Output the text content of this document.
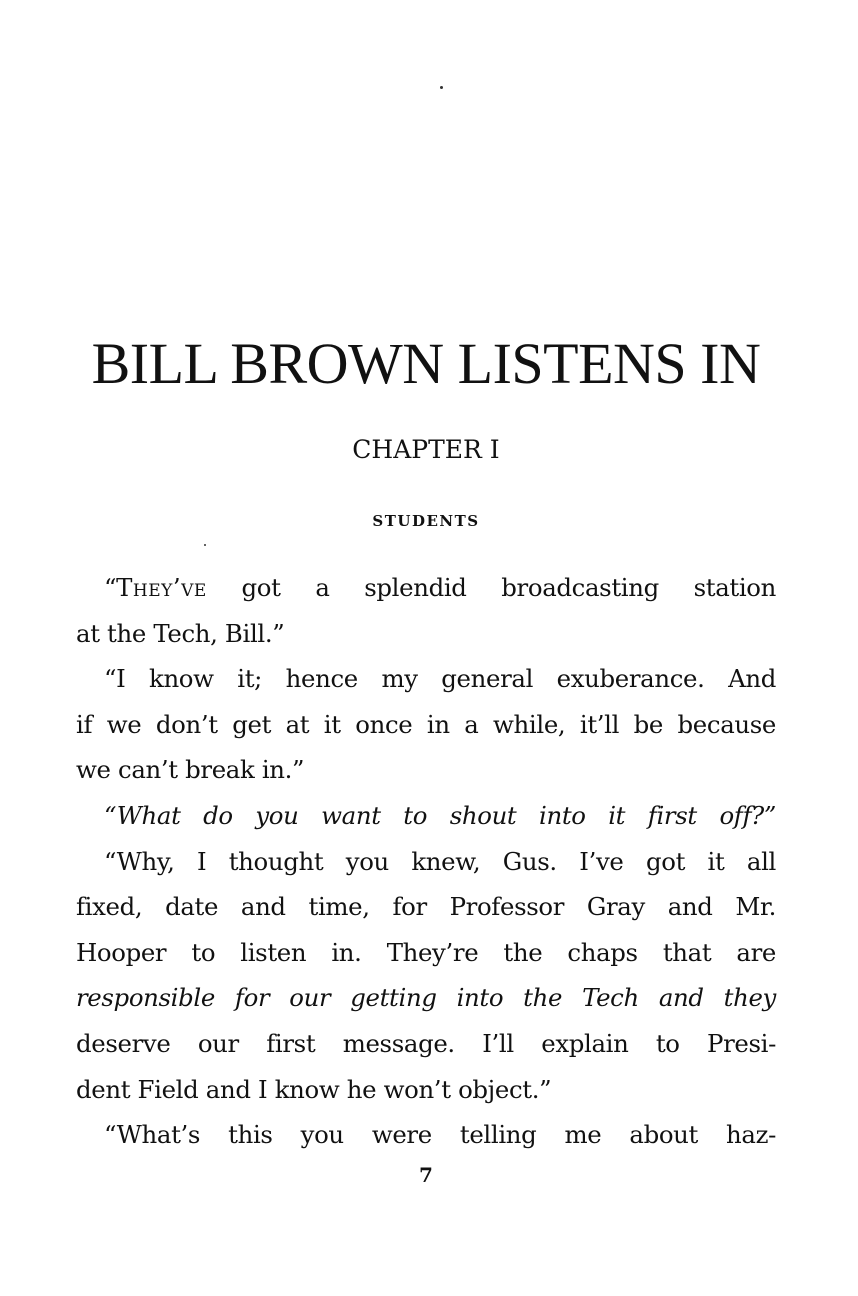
BILL BROWN LISTENS IN
CHAPTER I
STUDENTS
“They’ve got a splendid broadcasting station
at the Tech, Bill.”
“I know it; hence my general exuberance. And
if we don’t get at it once in a while, it’ll be because
we can’t break in.”
“What do you want to shout into it first off?”
“Why, I thought you knew, Gus. I’ve got it all
fixed, date and time, for Professor Gray and Mr.
Hooper to listen in. They’re the chaps that are
responsible for our getting into the Tech and they
deserve our first message. I’ll explain to Presi-
dent Field and I know he won’t object.”
“What’s this you were telling me about haz-
7
